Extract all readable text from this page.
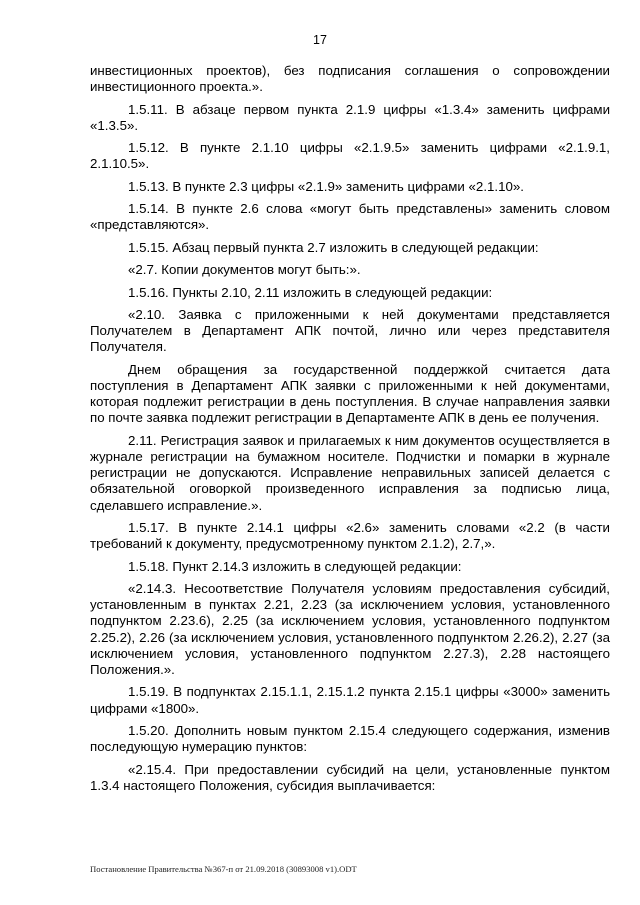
17

инвестиционных проектов), без подписания соглашения о сопровождении инвестиционного проекта.».

1.5.11. В абзаце первом пункта 2.1.9 цифры «1.3.4» заменить цифрами «1.3.5».

1.5.12. В пункте 2.1.10 цифры «2.1.9.5» заменить цифрами «2.1.9.1, 2.1.10.5».

1.5.13. В пункте 2.3 цифры «2.1.9» заменить цифрами «2.1.10».

1.5.14. В пункте 2.6 слова «могут быть представлены» заменить словом «представляются».

1.5.15. Абзац первый пункта 2.7 изложить в следующей редакции:

«2.7. Копии документов могут быть:».

1.5.16. Пункты 2.10, 2.11 изложить в следующей редакции:

«2.10. Заявка с приложенными к ней документами представляется Получателем в Департамент АПК почтой, лично или через представителя Получателя.

Днем обращения за государственной поддержкой считается дата поступления в Департамент АПК заявки с приложенными к ней документами, которая подлежит регистрации в день поступления. В случае направления заявки по почте заявка подлежит регистрации в Департаменте АПК в день ее получения.

2.11. Регистрация заявок и прилагаемых к ним документов осуществляется в журнале регистрации на бумажном носителе. Подчистки и помарки в журнале регистрации не допускаются. Исправление неправильных записей делается с обязательной оговоркой произведенного исправления за подписью лица, сделавшего исправление.».

1.5.17. В пункте 2.14.1 цифры «2.6» заменить словами «2.2 (в части требований к документу, предусмотренному пунктом 2.1.2), 2.7,».

1.5.18. Пункт 2.14.3 изложить в следующей редакции:

«2.14.3. Несоответствие Получателя условиям предоставления субсидий, установленным в пунктах 2.21, 2.23 (за исключением условия, установленного подпунктом 2.23.6), 2.25 (за исключением условия, установленного подпунктом 2.25.2), 2.26 (за исключением условия, установленного подпунктом 2.26.2), 2.27 (за исключением условия, установленного подпунктом 2.27.3), 2.28 настоящего Положения.».

1.5.19. В подпунктах 2.15.1.1, 2.15.1.2 пункта 2.15.1 цифры «3000» заменить цифрами «1800».

1.5.20. Дополнить новым пунктом 2.15.4 следующего содержания, изменив последующую нумерацию пунктов:

«2.15.4. При предоставлении субсидий на цели, установленные пунктом 1.3.4 настоящего Положения, субсидия выплачивается:

Постановление Правительства №367-п от 21.09.2018 (30893008 v1).ODT
